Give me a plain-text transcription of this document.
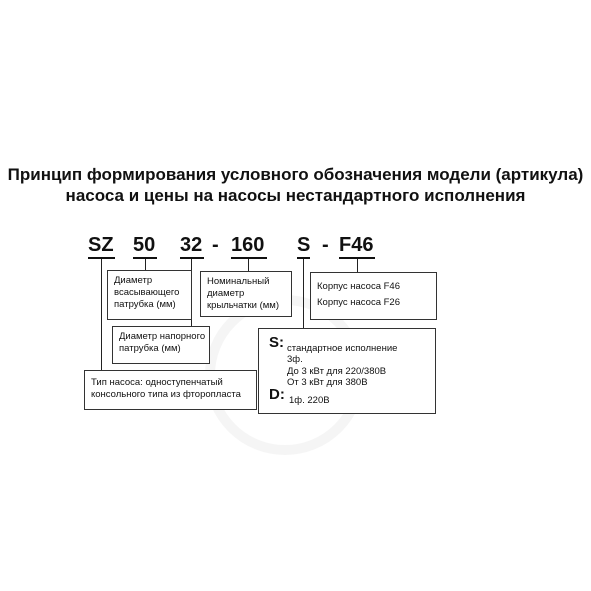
Принцип формирования условного обозначения модели (артикула)
насоса и цены на насосы нестандартного исполнения
SZ 50 32 - 160 S - F46
Диаметр
всасывающего
патрубка (мм)
Номинальный
диаметр
крыльчатки (мм)
Корпус насоса F46
Корпус насоса F26
Диаметр напорного
патрубка (мм)
Тип насоса: одноступенчатый
консольного типа из фторопласта
S: стандартное исполнение
3ф.
До 3 кВт для 220/380В
От 3 кВт для 380В
D: 1ф. 220В
